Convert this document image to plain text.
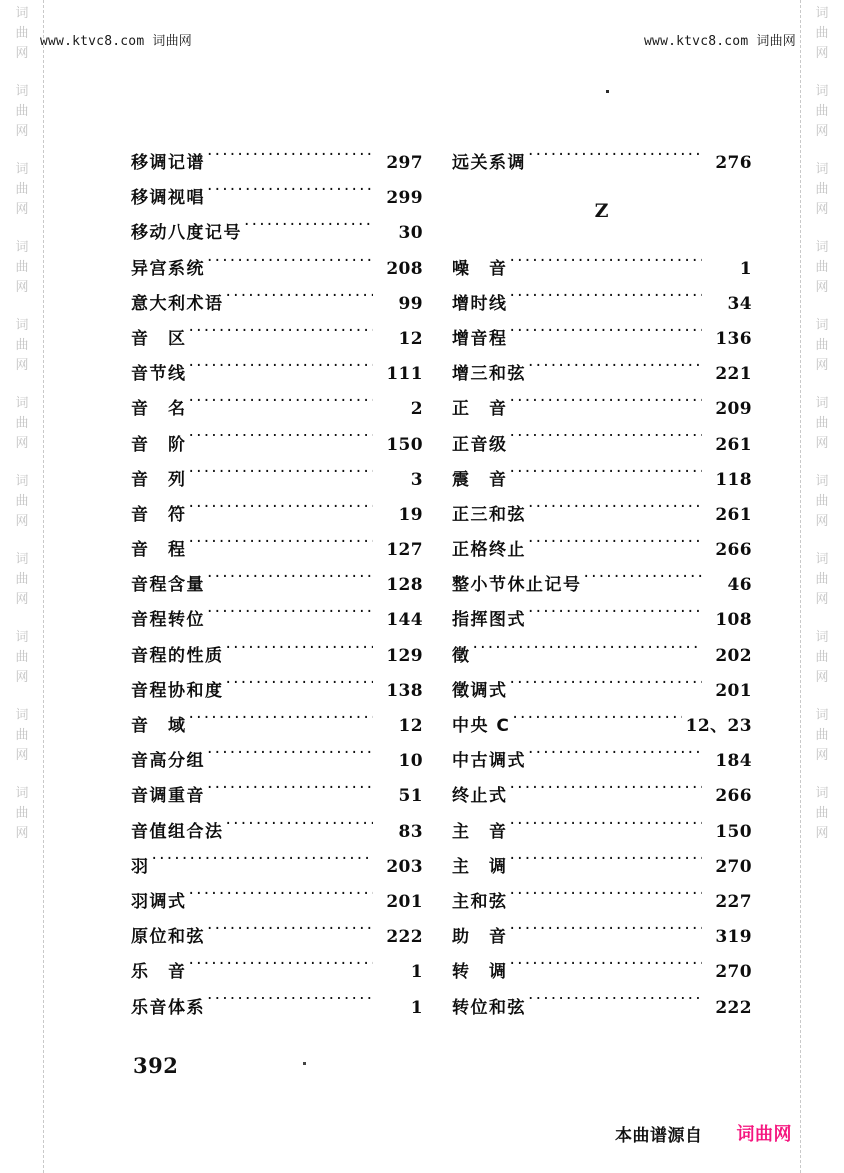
词
曲
网
词
曲
网
词
曲
网
词
曲
网
词
曲
网
词
曲
网
词
曲
网
词
曲
网
词
曲
网
词
曲
网
词
曲
网
词
曲
网
词
曲
网
词
曲
网
词
曲
网
词
曲
网
词
曲
网
词
曲
网
词
曲
网
词
曲
网
词
曲
网
词
曲
网
www.ktvc8.com 词曲网	www.ktvc8.com 词曲网
移调记谱 ·····	297
移调视唱 ·····	299
移动八度记号 ·····	30
异宫系统 ·····	208
意大利术语 ·····	99
音　区 ·····	12
音节线 ·····	111
音　名 ·····	2
音　阶 ·····	150
音　列 ·····	3
音　符 ·····	19
音　程 ·····	127
音程含量 ·····	128
音程转位 ·····	144
音程的性质 ·····	129
音程协和度 ·····	138
音　域 ·····	12
音高分组 ·····	10
音调重音 ·····	51
音值组合法 ·····	83
羽 ·····	203
羽调式 ·····	201
原位和弦 ·····	222
乐　音 ·····	1
乐音体系 ·····	1
Z
远关系调 ·····	276
噪　音 ·····	1
增时线 ·····	34
增音程 ·····	136
增三和弦 ·····	221
正　音 ·····	209
正音级 ·····	261
震　音 ·····	118
正三和弦 ·····	261
正格终止 ·····	266
整小节休止记号 ·····	46
指挥图式 ·····	108
徵 ·····	202
徵调式 ·····	201
中央 C ·····	12、23
中古调式 ·····	184
终止式 ·····	266
主　音 ·····	150
主　调 ·····	270
主和弦 ·····	227
助　音 ·····	319
转　调 ·····	270
转位和弦 ·····	222
392
本曲谱源自 词曲网
